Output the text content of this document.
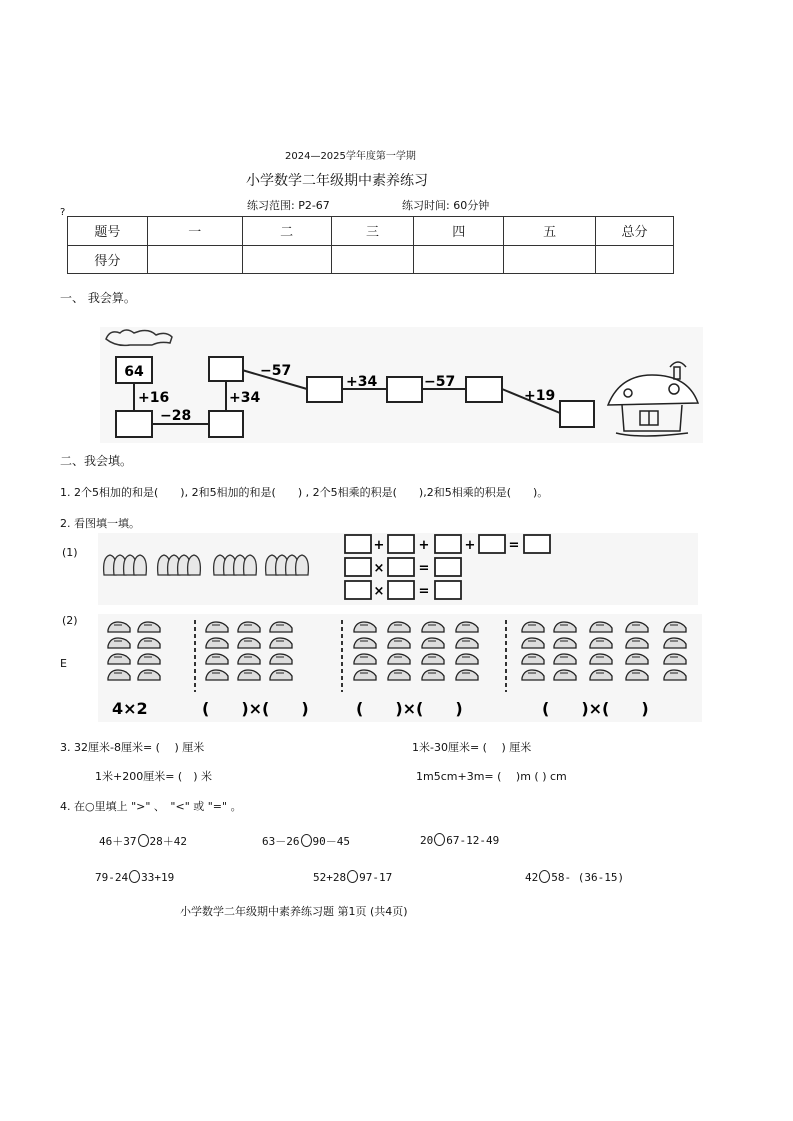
2024—2025学年度第一学期
小学数学二年级期中素养练习
练习范围: P2-67	练习时间: 60分钟
?
题号	一	二	三	四	五	总分
得分						
一、 我会算。
64
+16
−28
+34
−57
+34	−57
+19
二、我会填。
1. 2个5相加的和是(　　), 2和5相加的和是(　　) , 2个5相乘的积是(　　),2和5相乘的积是(　　)。
2. 看图填一填。
(1)	+	+	+	=
×	=
×	=
(2)
E
4×2	(　　)×(　　)	(　　)×(　　)	(　　)×(　　)
3. 32厘米-8厘米= (　 ) 厘米	1米-30厘米= (　 ) 厘米
1米+200厘米= (　) 米	1m5cm+3m= (　 )m ( ) cm
4. 在○里填上 ">" 、　"<" 或 "=" 。
46＋37 28＋42	63－26 90－45	20 67-12-49
79-24 33+19	52+28 97-17	42 58- (36-15)
小学数学二年级期中素养练习题 第1页 (共4页)
